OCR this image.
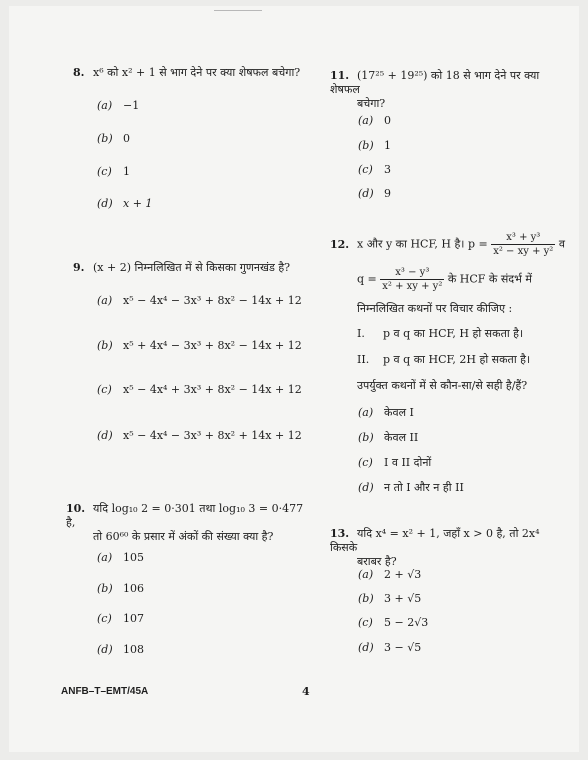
8. x⁶ को x² + 1 से भाग देने पर क्या शेषफल बचेगा?
(a) −1
(b) 0
(c) 1
(d) x + 1
9. (x + 2) निम्नलिखित में से किसका गुणनखंड है?
(a) x⁵ − 4x⁴ − 3x³ + 8x² − 14x + 12
(b) x⁵ + 4x⁴ − 3x³ + 8x² − 14x + 12
(c) x⁵ − 4x⁴ + 3x³ + 8x² − 14x + 12
(d) x⁵ − 4x⁴ − 3x³ + 8x² + 14x + 12
10. यदि log₁₀ 2 = 0·301 तथा log₁₀ 3 = 0·477 है,
तो 60⁶⁰ के प्रसार में अंकों की संख्या क्या है?
(a) 105
(b) 106
(c) 107
(d) 108
11. (17²⁵ + 19²⁵) को 18 से भाग देने पर क्या शेषफल
बचेगा?
(a) 0
(b) 1
(c) 3
(d) 9
12. x और y का HCF, H है। $p = \frac{\text{x³ + y³}}{\text{x² − xy + y²}}$ व
$q = \frac{\text{x³ − y³}}{\text{x² + xy + y²}}$ के HCF के संदर्भ में
निम्नलिखित कथनों पर विचार कीजिए :
I. p व q का HCF, H हो सकता है।
II. p व q का HCF, 2H हो सकता है।
उपर्युक्त कथनों में से कौन-सा/से सही है/हैं?
(a) केवल I
(b) केवल II
(c) I व II दोनों
(d) न तो I और न ही II
13. यदि x⁴ = x² + 1, जहाँ x > 0 है, तो 2x⁴ किसके
बराबर है?
(a) 2 + √3
(b) 3 + √5
(c) 5 − 2√3
(d) 3 − √5
ANFB–T–EMT/45A	4
